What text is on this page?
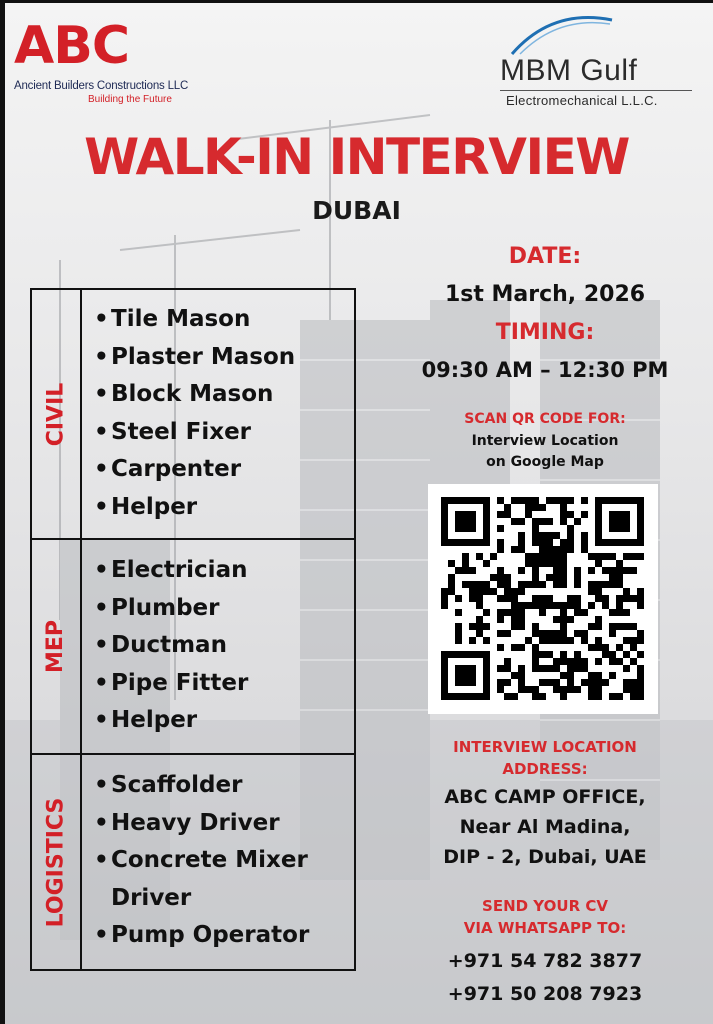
ABC
Ancient Builders Constructions LLC
Building the Future
MBM Gulf
Electromechanical L.L.C.
WALK-IN INTERVIEW
DUBAI
CIVIL
MEP
LOGISTICS
•Tile Mason
•Plaster Mason
•Block Mason
•Steel Fixer
•Carpenter
•Helper
•Electrician
•Plumber
•Ductman
•Pipe Fitter
•Helper
•Scaffolder
•Heavy Driver
•Concrete Mixer
Driver
•Pump Operator
DATE:
1st March, 2026
TIMING:
09:30 AM – 12:30 PM
SCAN QR CODE FOR:
Interview Location
on Google Map
INTERVIEW LOCATION
ADDRESS:
ABC CAMP OFFICE,
Near Al Madina,
DIP - 2, Dubai, UAE
SEND YOUR CV
VIA WHATSAPP TO:
+971 54 782 3877
+971 50 208 7923
